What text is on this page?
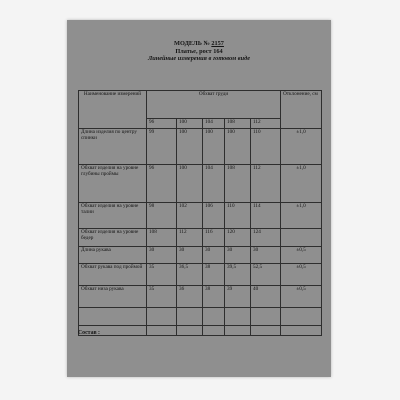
МОДЕЛЬ № 2157
Платье, рост 164
Линейные измерения в готовом виде
Наименование измерений	Обхват груди					Отклонение, см
	96	100	104	108	112	
Длина изделия по центру спинки	99	100	100	100	110	±1,0
Обхват изделия на уровне глубины проймы	96	100	104	108	112	±1,0
Обхват изделия на уровне талии	98	102	106	110	114	±1,0
Обхват изделия на уровне бедер	108	112	116	120	124	
Длина рукава	30	30	30	30	30	±0,5
Обхват рукава под проймой	35	36,5	38	39,5	52,5	±0,5
Обхват низа рукава	35	36	38	39	40	±0,5

Состав :
